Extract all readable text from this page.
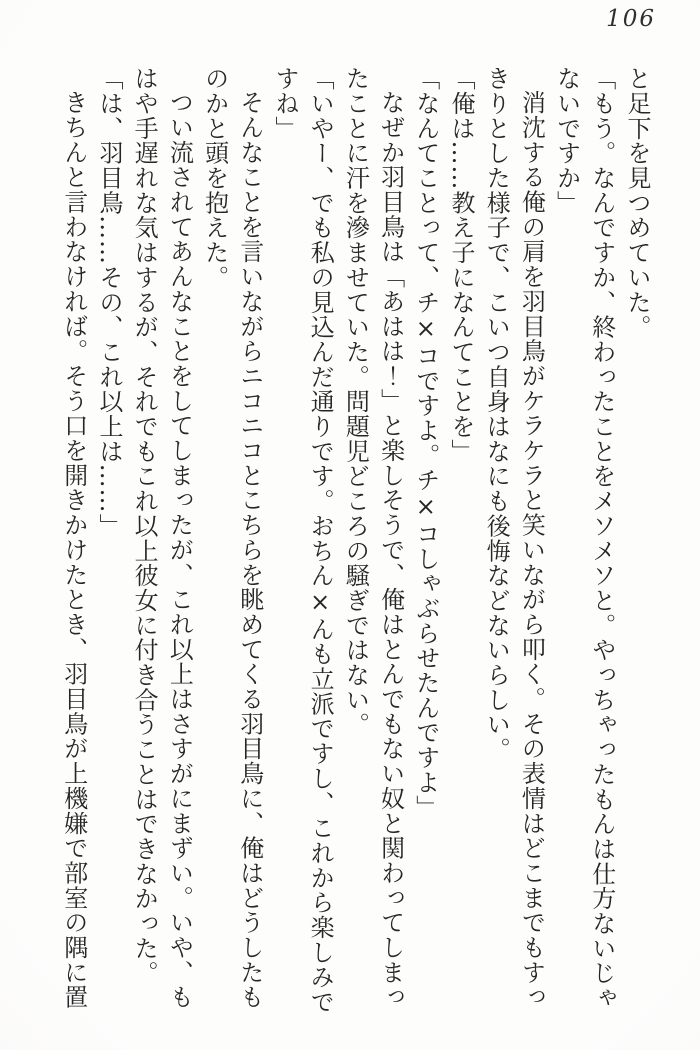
106
と足下を見つめていた。
「もう。なんですか、終わったことをメソメソと。やっちゃったもんは仕方ないじゃ
ないですか」
消沈する俺の肩を羽目鳥がケラケラと笑いながら叩く。その表情はどこまでもすっ
きりとした様子で、こいつ自身はなにも後悔などないらしい。
「俺は……教え子になんてことを」
「なんてことって、チ×コですよ。チ×コしゃぶらせたんですよ」
なぜか羽目鳥は「あはは！」と楽しそうで、俺はとんでもない奴と関わってしまっ
たことに汗を滲ませていた。問題児どころの騒ぎではない。
「いやー、でも私の見込んだ通りです。おちん×んも立派ですし、これから楽しみで
すね」
そんなことを言いながらニコニコとこちらを眺めてくる羽目鳥に、俺はどうしたも
のかと頭を抱えた。
つい流されてあんなことをしてしまったが、これ以上はさすがにまずい。いや、も
はや手遅れな気はするが、それでもこれ以上彼女に付き合うことはできなかった。
「は、羽目鳥……その、これ以上は……」
きちんと言わなければ。そう口を開きかけたとき、羽目鳥が上機嫌で部室の隅に置
